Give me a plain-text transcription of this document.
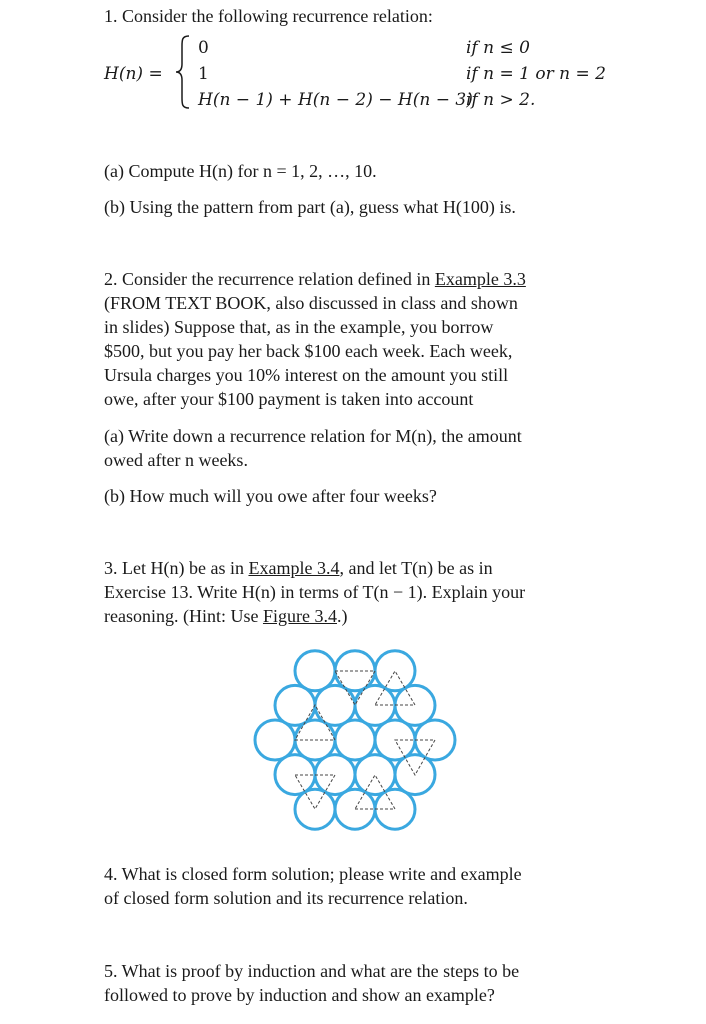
1. Consider the following recurrence relation:
H(n) =
0
1
H(n − 1) + H(n − 2) − H(n − 3)
if n ≤ 0
if n = 1 or n = 2
if n > 2.
(a) Compute H(n) for n = 1, 2, …, 10.
(b) Using the pattern from part (a), guess what H(100) is.
2. Consider the recurrence relation defined in Example 3.3
(FROM TEXT BOOK, also discussed in class and shown
in slides) Suppose that, as in the example, you borrow
$500, but you pay her back $100 each week. Each week,
Ursula charges you 10% interest on the amount you still
owe, after your $100 payment is taken into account
(a) Write down a recurrence relation for M(n), the amount
owed after n weeks.
(b) How much will you owe after four weeks?
3. Let H(n) be as in Example 3.4, and let T(n) be as in
Exercise 13. Write H(n) in terms of T(n − 1). Explain your
reasoning. (Hint: Use Figure 3.4.)
4. What is closed form solution; please write and example
of closed form solution and its recurrence relation.
5. What is proof by induction and what are the steps to be
followed to prove by induction and show an example?
